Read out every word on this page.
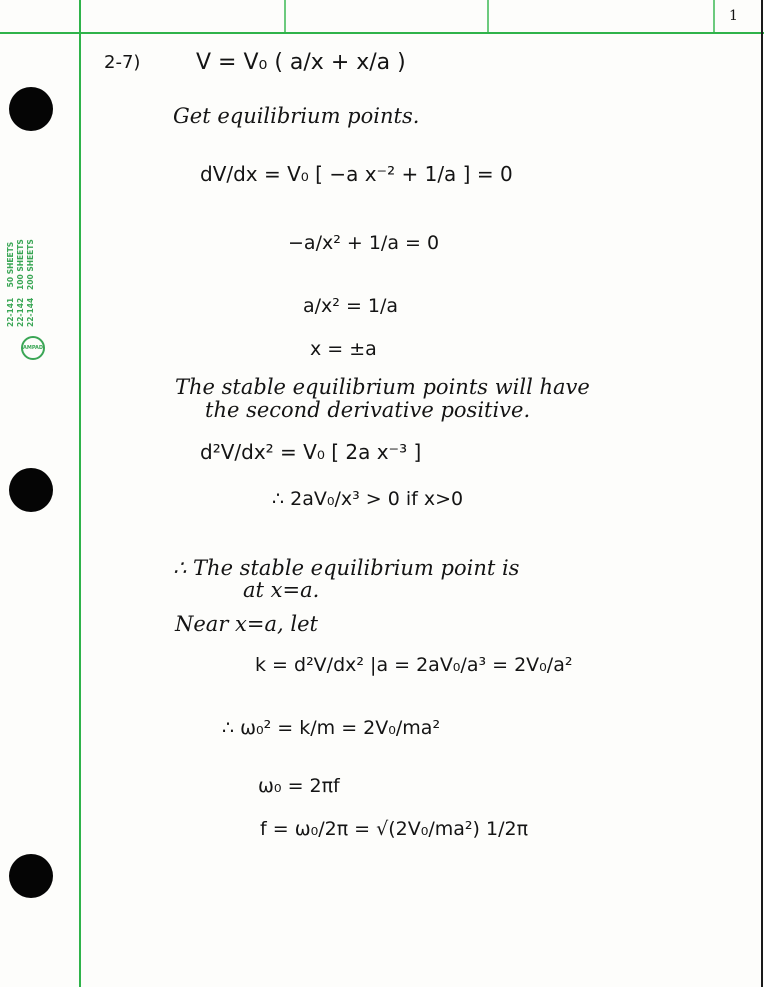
22-141    50 SHEETS
22-142   100 SHEETS
22-144   200 SHEETS
AMPAD
1
2-7)	V = V₀ ( a/x + x/a )
Get equilibrium points.
dV/dx = V₀ [ −a x⁻² + 1/a ] = 0
−a/x² + 1/a = 0
a/x² = 1/a
x = ±a
The stable equilibrium points will have
the second derivative positive.
d²V/dx² = V₀ [ 2a x⁻³ ]
∴ 2aV₀/x³ > 0 if x>0
∴ The stable equilibrium point is
at x=a.
Near x=a, let
k = d²V/dx² |a = 2aV₀/a³ = 2V₀/a²
∴ ω₀² = k/m = 2V₀/ma²
ω₀ = 2πf
f = ω₀/2π = √(2V₀/ma²) 1/2π
